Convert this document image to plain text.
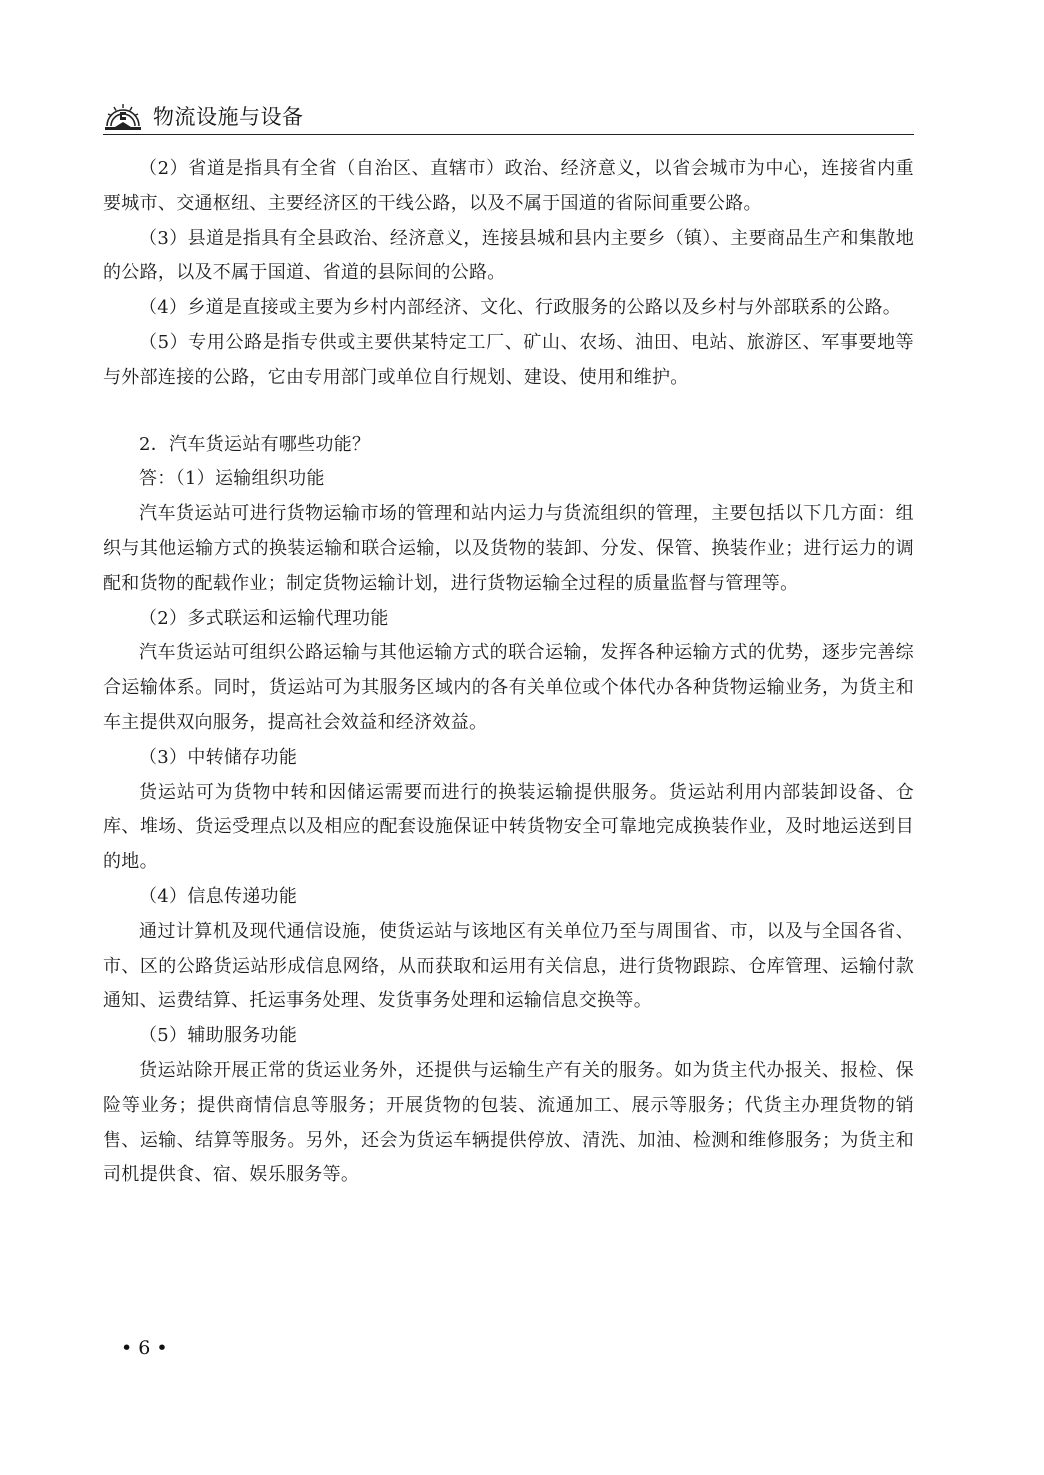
物流设施与设备

（2）省道是指具有全省（自治区、直辖市）政治、经济意义，以省会城市为中心，连接省内重要城市、交通枢纽、主要经济区的干线公路，以及不属于国道的省际间重要公路。

（3）县道是指具有全县政治、经济意义，连接县城和县内主要乡（镇）、主要商品生产和集散地的公路，以及不属于国道、省道的县际间的公路。

（4）乡道是直接或主要为乡村内部经济、文化、行政服务的公路以及乡村与外部联系的公路。

（5）专用公路是指专供或主要供某特定工厂、矿山、农场、油田、电站、旅游区、军事要地等与外部连接的公路，它由专用部门或单位自行规划、建设、使用和维护。

2．汽车货运站有哪些功能？

答：（1）运输组织功能

汽车货运站可进行货物运输市场的管理和站内运力与货流组织的管理，主要包括以下几方面：组织与其他运输方式的换装运输和联合运输，以及货物的装卸、分发、保管、换装作业；进行运力的调配和货物的配载作业；制定货物运输计划，进行货物运输全过程的质量监督与管理等。

（2）多式联运和运输代理功能

汽车货运站可组织公路运输与其他运输方式的联合运输，发挥各种运输方式的优势，逐步完善综合运输体系。同时，货运站可为其服务区域内的各有关单位或个体代办各种货物运输业务，为货主和车主提供双向服务，提高社会效益和经济效益。

（3）中转储存功能

货运站可为货物中转和因储运需要而进行的换装运输提供服务。货运站利用内部装卸设备、仓库、堆场、货运受理点以及相应的配套设施保证中转货物安全可靠地完成换装作业，及时地运送到目的地。

（4）信息传递功能

通过计算机及现代通信设施，使货运站与该地区有关单位乃至与周围省、市，以及与全国各省、市、区的公路货运站形成信息网络，从而获取和运用有关信息，进行货物跟踪、仓库管理、运输付款通知、运费结算、托运事务处理、发货事务处理和运输信息交换等。

（5）辅助服务功能

货运站除开展正常的货运业务外，还提供与运输生产有关的服务。如为货主代办报关、报检、保险等业务；提供商情信息等服务；开展货物的包装、流通加工、展示等服务；代货主办理货物的销售、运输、结算等服务。另外，还会为货运车辆提供停放、清洗、加油、检测和维修服务；为货主和司机提供食、宿、娱乐服务等。

• 6 •
